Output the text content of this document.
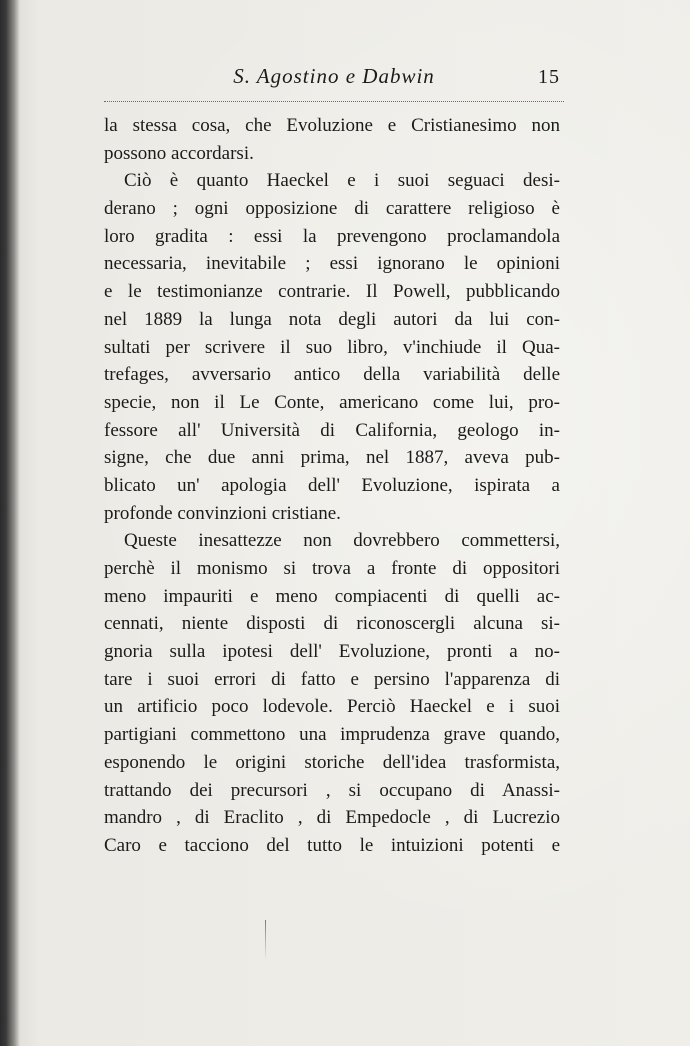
S. Agostino e Dabwin	15
la stessa cosa, che Evoluzione e Cristianesimo non
possono accordarsi.
Ciò è quanto Haeckel e i suoi seguaci desi-
derano ; ogni opposizione di carattere religioso è
loro gradita : essi la prevengono proclamandola
necessaria, inevitabile ; essi ignorano le opinioni
e le testimonianze contrarie. Il Powell, pubblicando
nel 1889 la lunga nota degli autori da lui con-
sultati per scrivere il suo libro, v'inchiude il Qua-
trefages, avversario antico della variabilità delle
specie, non il Le Conte, americano come lui, pro-
fessore all' Università di California, geologo in-
signe, che due anni prima, nel 1887, aveva pub-
blicato un' apologia dell' Evoluzione, ispirata a
profonde convinzioni cristiane.
Queste inesattezze non dovrebbero commettersi,
perchè il monismo si trova a fronte di oppositori
meno impauriti e meno compiacenti di quelli ac-
cennati, niente disposti di riconoscergli alcuna si-
gnoria sulla ipotesi dell' Evoluzione, pronti a no-
tare i suoi errori di fatto e persino l'apparenza di
un artificio poco lodevole. Perciò Haeckel e i suoi
partigiani commettono una imprudenza grave quando,
esponendo le origini storiche dell'idea trasformista,
trattando dei precursori , si occupano di Anassi-
mandro , di Eraclito , di Empedocle , di Lucrezio
Caro e tacciono del tutto le intuizioni potenti e
